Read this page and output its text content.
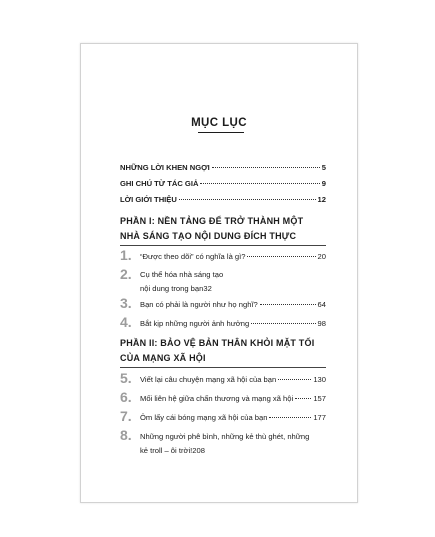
MỤC LỤC
NHỮNG LỜI KHEN NGỢI	5
GHI CHÚ TỪ TÁC GIẢ	9
LỜI GIỚI THIỆU	12
PHẦN I: NỀN TẢNG ĐỂ TRỞ THÀNH MỘT
NHÀ SÁNG TẠO NỘI DUNG ĐÍCH THỰC
1. “Được theo dõi” có nghĩa là gì?	20
2. Cụ thể hóa nhà sáng tạo
nội dung trong bạn 32
3. Bạn có phải là người như họ nghĩ?	64
4. Bắt kịp những người ảnh hưởng	98
PHẦN II: BẢO VỆ BẢN THÂN KHỎI MẶT TỐI
CỦA MẠNG XÃ HỘI
5. Viết lại câu chuyện mạng xã hội của bạn	130
6. Mối liên hệ giữa chấn thương và mạng xã hội	157
7. Ôm lấy cái bóng mạng xã hội của bạn	177
8. Những người phê bình, những kẻ thù ghét, những
kẻ troll – ôi trời! 208
